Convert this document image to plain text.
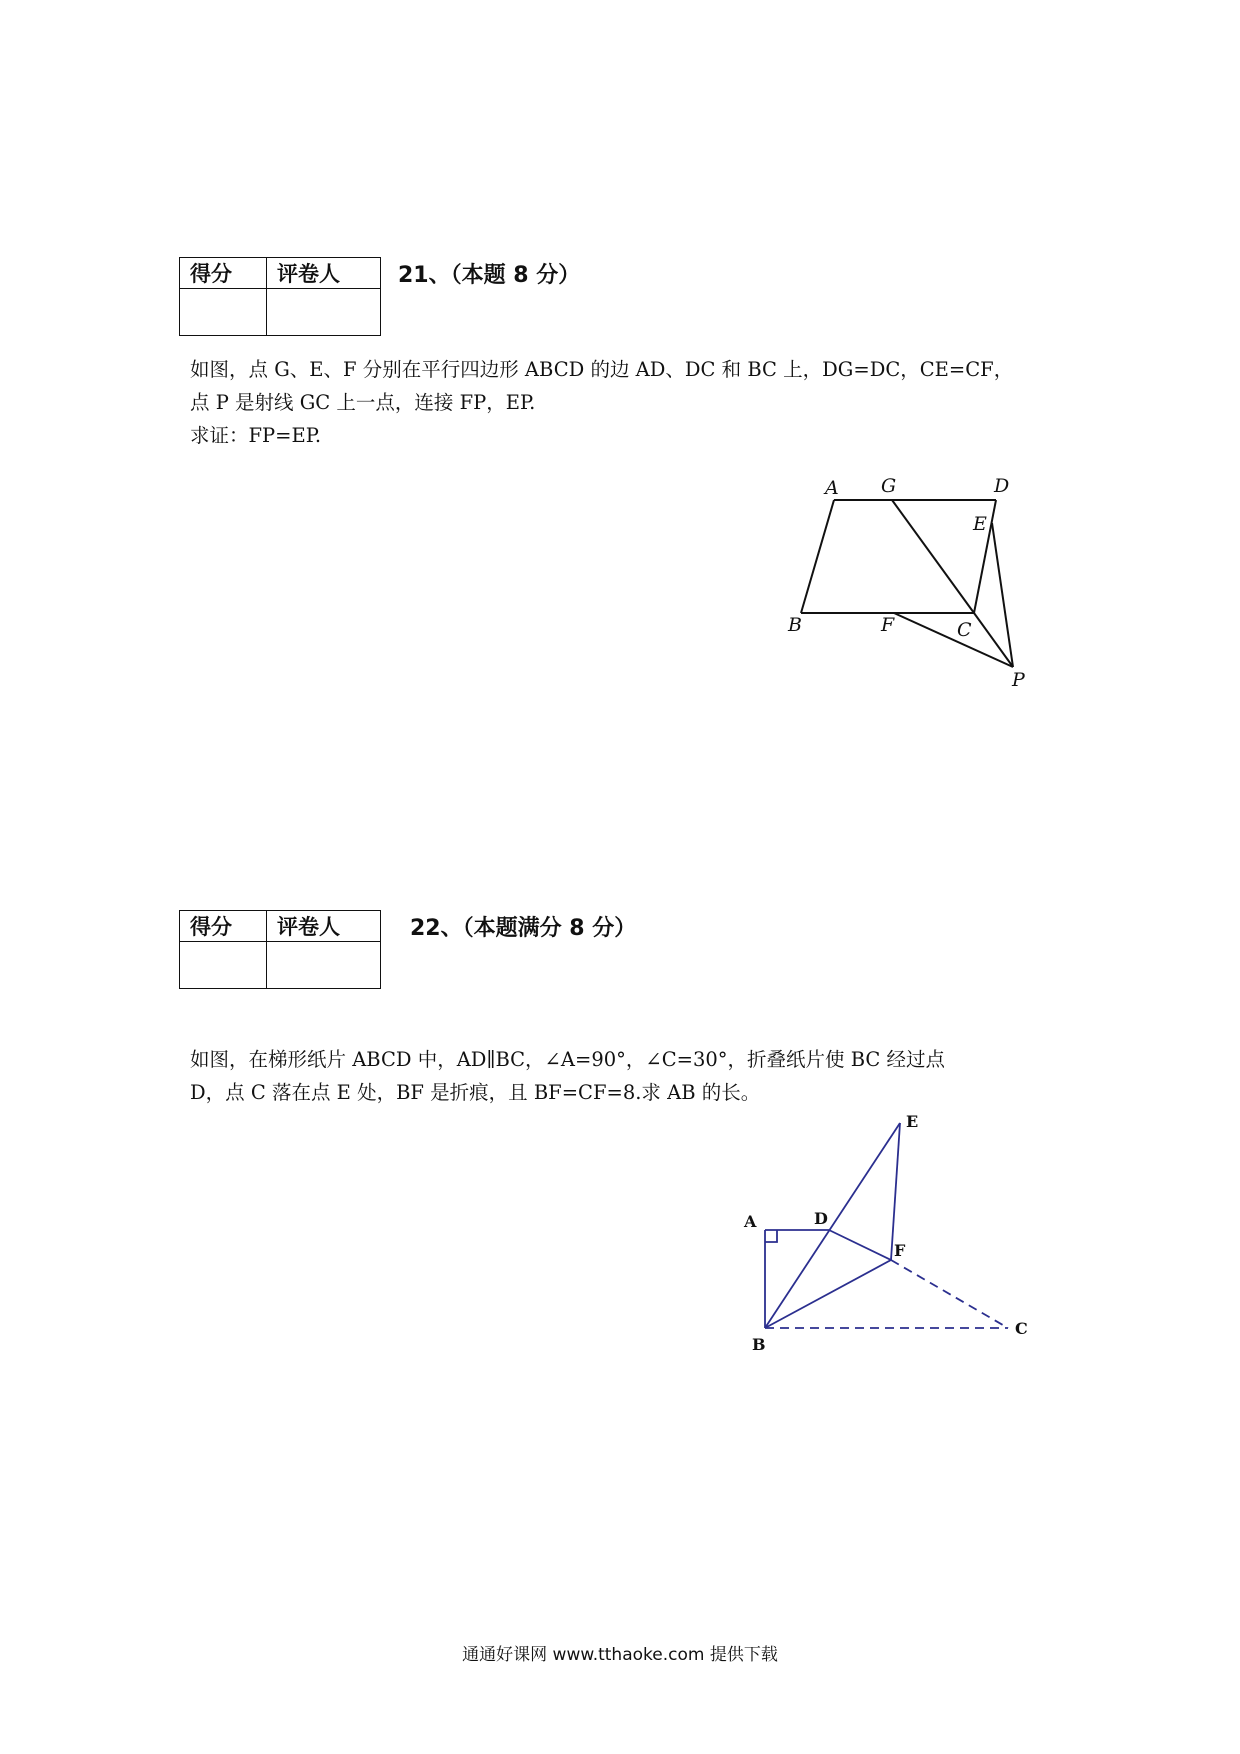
得分	评卷人
		21、（本题 8 分）
如图，点 G、E、F 分别在平行四边形 ABCD 的边 AD、DC 和 BC 上，DG=DC，CE=CF，
点 P 是射线 GC 上一点，连接 FP，EP.
求证：FP=EP.
A G	D
E
B	F	C
P
得分	评卷人
		22、（本题满分 8 分）
如图，在梯形纸片 ABCD 中，AD∥BC，∠A=90°，∠C=30°，折叠纸片使 BC 经过点
D，点 C 落在点 E 处，BF 是折痕，且 BF=CF=8.求 AB 的长。
A	D
E
F
B
C
通通好课网 www.tthaoke.com 提供下载
